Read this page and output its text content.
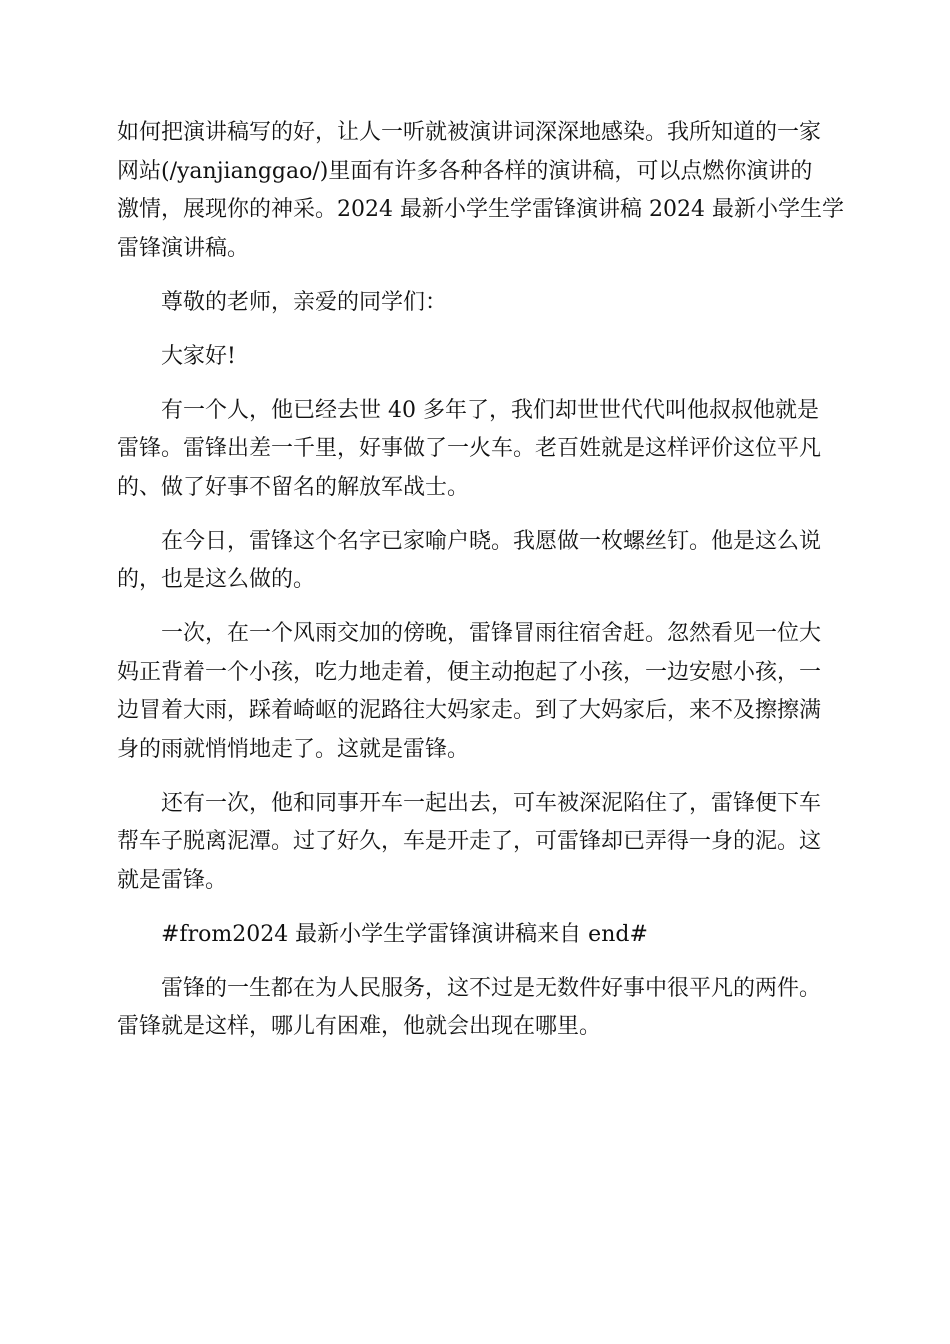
如何把演讲稿写的好，让人一听就被演讲词深深地感染。我所知道的一家
网站(/yanjianggao/)里面有许多各种各样的演讲稿，可以点燃你演讲的
激情，展现你的神采。2024 最新小学生学雷锋演讲稿 2024 最新小学生学
雷锋演讲稿。

尊敬的老师，亲爱的同学们：

大家好!

有一个人，他已经去世 40 多年了，我们却世世代代叫他叔叔他就是
雷锋。雷锋出差一千里，好事做了一火车。老百姓就是这样评价这位平凡
的、做了好事不留名的解放军战士。

在今日，雷锋这个名字已家喻户晓。我愿做一枚螺丝钉。他是这么说
的，也是这么做的。

一次，在一个风雨交加的傍晚，雷锋冒雨往宿舍赶。忽然看见一位大
妈正背着一个小孩，吃力地走着，便主动抱起了小孩，一边安慰小孩，一
边冒着大雨，踩着崎岖的泥路往大妈家走。到了大妈家后，来不及擦擦满
身的雨就悄悄地走了。这就是雷锋。

还有一次，他和同事开车一起出去，可车被深泥陷住了，雷锋便下车
帮车子脱离泥潭。过了好久，车是开走了，可雷锋却已弄得一身的泥。这
就是雷锋。

#from2024 最新小学生学雷锋演讲稿来自 end#

雷锋的一生都在为人民服务，这不过是无数件好事中很平凡的两件。
雷锋就是这样，哪儿有困难，他就会出现在哪里。
